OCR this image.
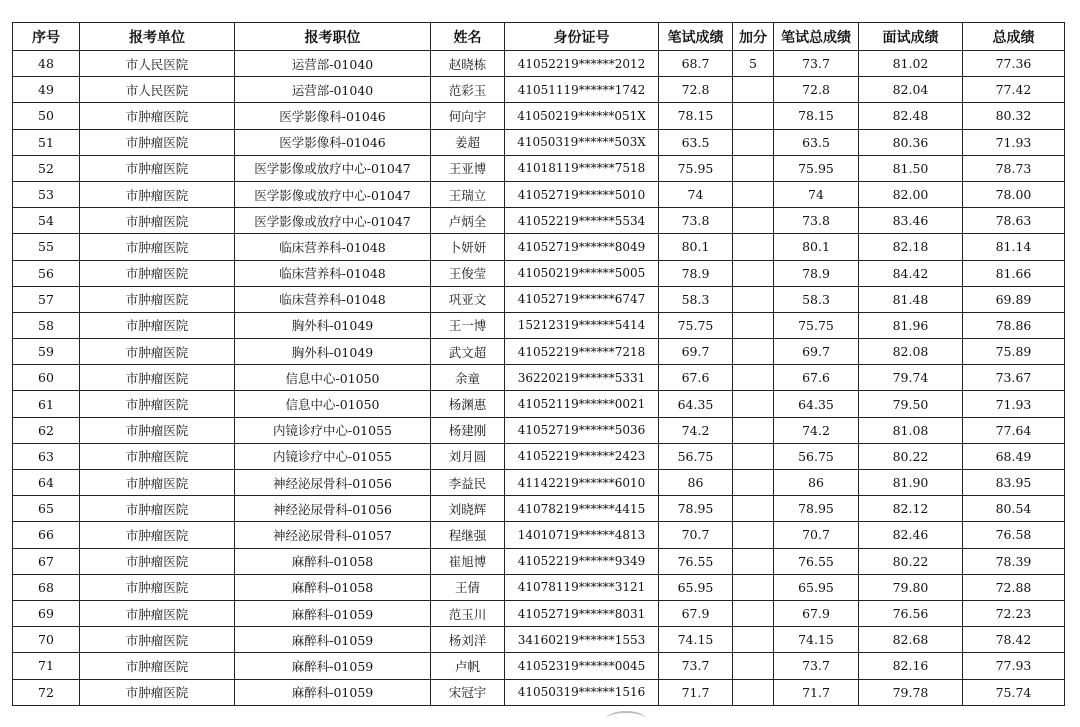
序号	报考单位	报考职位	姓名	身份证号	笔试成绩	加分	笔试总成绩	面试成绩	总成绩
48	市人民医院	运营部-01040	赵晓栋	41052219******2012	68.7	5	73.7	81.02	77.36
49	市人民医院	运营部-01040	范彩玉	41051119******1742	72.8		72.8	82.04	77.42
50	市肿瘤医院	医学影像科-01046	何向宇	41050219******051X	78.15		78.15	82.48	80.32
51	市肿瘤医院	医学影像科-01046	姜超	41050319******503X	63.5		63.5	80.36	71.93
52	市肿瘤医院	医学影像或放疗中心-01047	王亚博	41018119******7518	75.95		75.95	81.50	78.73
53	市肿瘤医院	医学影像或放疗中心-01047	王瑞立	41052719******5010	74		74	82.00	78.00
54	市肿瘤医院	医学影像或放疗中心-01047	卢炳全	41052219******5534	73.8		73.8	83.46	78.63
55	市肿瘤医院	临床营养科-01048	卜妍妍	41052719******8049	80.1		80.1	82.18	81.14
56	市肿瘤医院	临床营养科-01048	王俊莹	41050219******5005	78.9		78.9	84.42	81.66
57	市肿瘤医院	临床营养科-01048	巩亚文	41052719******6747	58.3		58.3	81.48	69.89
58	市肿瘤医院	胸外科-01049	王一博	15212319******5414	75.75		75.75	81.96	78.86
59	市肿瘤医院	胸外科-01049	武文超	41052219******7218	69.7		69.7	82.08	75.89
60	市肿瘤医院	信息中心-01050	余童	36220219******5331	67.6		67.6	79.74	73.67
61	市肿瘤医院	信息中心-01050	杨渊惠	41052119******0021	64.35		64.35	79.50	71.93
62	市肿瘤医院	内镜诊疗中心-01055	杨建刚	41052719******5036	74.2		74.2	81.08	77.64
63	市肿瘤医院	内镜诊疗中心-01055	刘月圆	41052219******2423	56.75		56.75	80.22	68.49
64	市肿瘤医院	神经泌尿骨科-01056	李益民	41142219******6010	86		86	81.90	83.95
65	市肿瘤医院	神经泌尿骨科-01056	刘晓辉	41078219******4415	78.95		78.95	82.12	80.54
66	市肿瘤医院	神经泌尿骨科-01057	程继强	14010719******4813	70.7		70.7	82.46	76.58
67	市肿瘤医院	麻醉科-01058	崔旭博	41052219******9349	76.55		76.55	80.22	78.39
68	市肿瘤医院	麻醉科-01058	王倩	41078119******3121	65.95		65.95	79.80	72.88
69	市肿瘤医院	麻醉科-01059	范玉川	41052719******8031	67.9		67.9	76.56	72.23
70	市肿瘤医院	麻醉科-01059	杨刘洋	34160219******1553	74.15		74.15	82.68	78.42
71	市肿瘤医院	麻醉科-01059	卢帆	41052319******0045	73.7		73.7	82.16	77.93
72	市肿瘤医院	麻醉科-01059	宋冠宇	41050319******1516	71.7		71.7	79.78	75.74
